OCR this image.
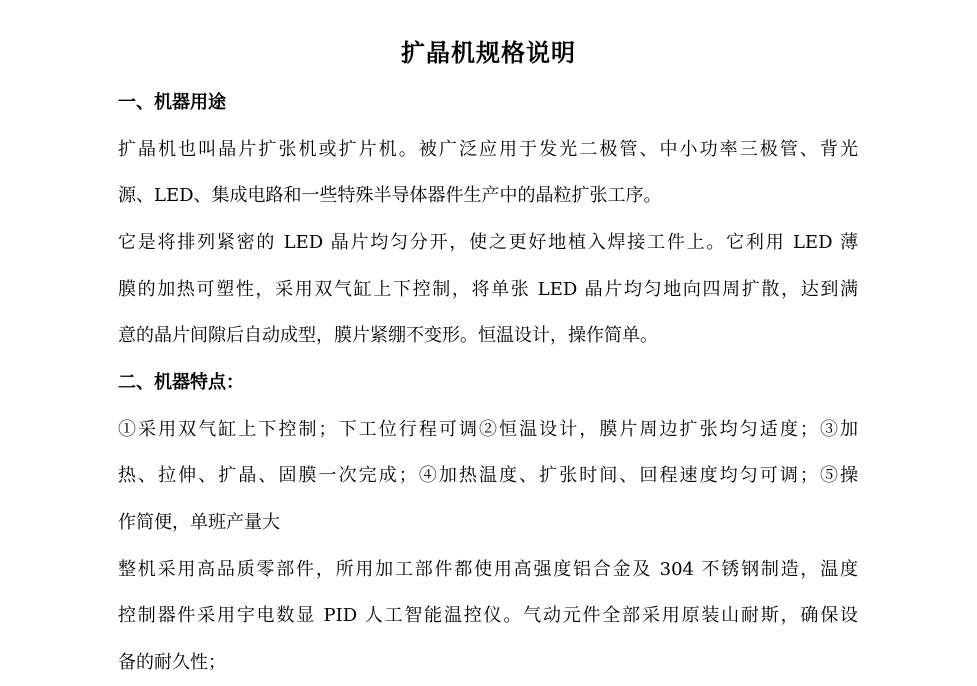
扩晶机规格说明
一、机器用途
扩晶机也叫晶片扩张机或扩片机。被广泛应用于发光二极管、中小功率三极管、背光
源、LED、集成电路和一些特殊半导体器件生产中的晶粒扩张工序。
它是将排列紧密的 LED 晶片均匀分开，使之更好地植入焊接工件上。它利用 LED 薄
膜的加热可塑性，采用双气缸上下控制，将单张 LED 晶片均匀地向四周扩散，达到满
意的晶片间隙后自动成型，膜片紧绷不变形。恒温设计，操作简单。
二、机器特点：
①采用双气缸上下控制；下工位行程可调②恒温设计，膜片周边扩张均匀适度；③加
热、拉伸、扩晶、固膜一次完成；④加热温度、扩张时间、回程速度均匀可调；⑤操
作简便，单班产量大
整机采用高品质零部件，所用加工部件都使用高强度铝合金及 304 不锈钢制造，温度
控制器件采用宇电数显 PID 人工智能温控仪。气动元件全部采用原装山耐斯，确保设
备的耐久性；
